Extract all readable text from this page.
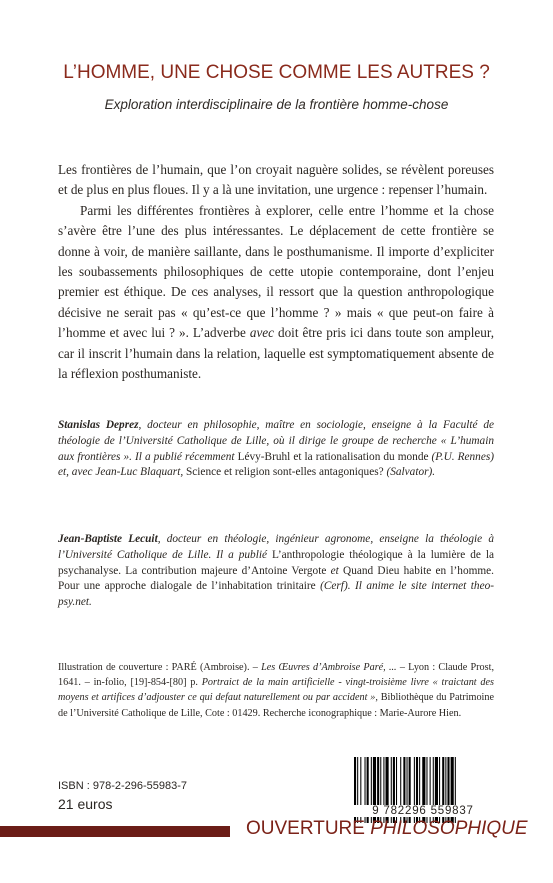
L’HOMME, UNE CHOSE COMME LES AUTRES ?
Exploration interdisciplinaire de la frontière homme-chose

Les frontières de l’humain, que l’on croyait naguère solides, se révèlent poreuses et de plus en plus floues. Il y a là une invitation, une urgence : repenser l’humain.

Parmi les différentes frontières à explorer, celle entre l’homme et la chose s’avère être l’une des plus intéressantes. Le déplacement de cette frontière se donne à voir, de manière saillante, dans le posthumanisme. Il importe d’expliciter les soubassements philosophiques de cette utopie contemporaine, dont l’enjeu premier est éthique. De ces analyses, il ressort que la question anthropologique décisive ne serait pas « qu’est-ce que l’homme ? » mais « que peut-on faire à l’homme et avec lui ? ». L’adverbe avec doit être pris ici dans toute son ampleur, car il inscrit l’humain dans la relation, laquelle est symptomatiquement absente de la réflexion posthumaniste.

Stanislas Deprez, docteur en philosophie, maître en sociologie, enseigne à la Faculté de théologie de l’Université Catholique de Lille, où il dirige le groupe de recherche « L’humain aux frontières ». Il a publié récemment Lévy-Bruhl et la rationalisation du monde (P.U. Rennes) et, avec Jean-Luc Blaquart, Science et religion sont-elles antagoniques? (Salvator).

Jean-Baptiste Lecuit, docteur en théologie, ingénieur agronome, enseigne la théologie à l’Université Catholique de Lille. Il a publié L’anthropologie théologique à la lumière de la psychanalyse. La contribution majeure d’Antoine Vergote et Quand Dieu habite en l’homme. Pour une approche dialogale de l’inhabitation trinitaire (Cerf). Il anime le site internet theo-psy.net.

Illustration de couverture : PARÉ (Ambroise). – Les Œuvres d’Ambroise Paré, ... – Lyon : Claude Prost, 1641. – in-folio, [19]-854-[80] p. Portraict de la main artificielle - vingt-troisième livre « traictant des moyens et artifices d’adjouster ce qui defaut naturellement ou par accident », Bibliothèque du Patrimoine de l’Université Catholique de Lille, Cote : 01429. Recherche iconographique : Marie-Aurore Hien.

ISBN : 978-2-296-55983-7
21 euros	9 782296 559837
OUVERTURE PHILOSOPHIQUE
